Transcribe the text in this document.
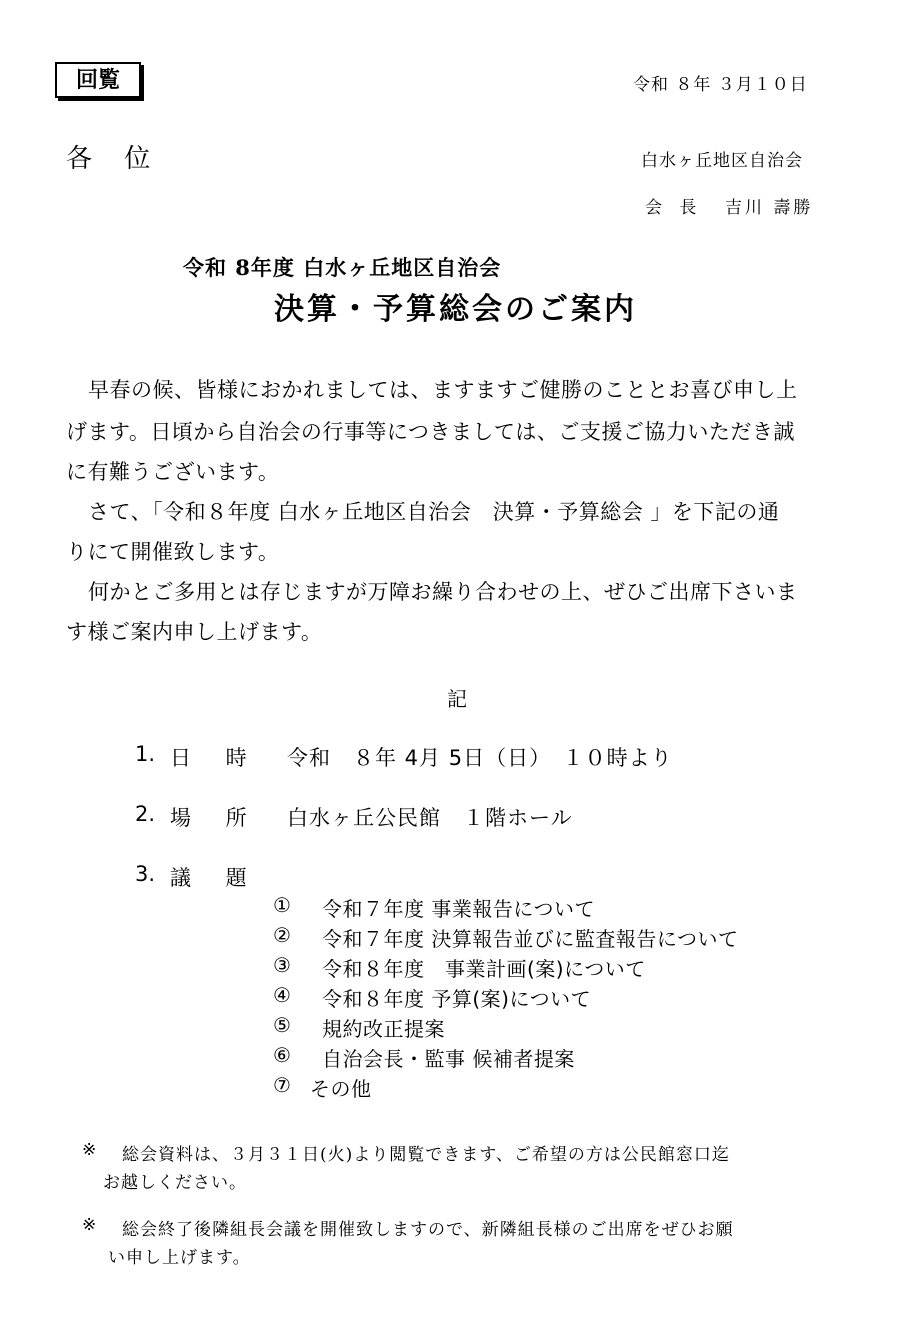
回覧	令和 ８年 ３月１０日
各 位	白水ヶ丘地区自治会
会 長 吉川 壽勝
令和 8年度 白水ヶ丘地区自治会
決算・予算総会のご案内
早春の候、皆様におかれましては、ますますご健勝のこととお喜び申し上
げます。日頃から自治会の行事等につきましては、ご支援ご協力いただき誠
に有難うございます。
さて、「令和８年度 白水ヶ丘地区自治会　決算・予算総会 」を下記の通
りにて開催致します。
何かとご多用とは存じますが万障お繰り合わせの上、ぜひご出席下さいま
す様ご案内申し上げます。
記
1. 日 時 令和　８年 4月 5日（日）　１０時より
2. 場 所 白水ヶ丘公民館　１階ホール
3. 議 題
① 令和７年度 事業報告について
② 令和７年度 決算報告並びに監査報告について
③ 令和８年度　事業計画(案)について
④ 令和８年度 予算(案)について
⑤ 規約改正提案
⑥ 自治会長・監事 候補者提案
⑦ その他
※ 総会資料は、３月３１日(火)より閲覧できます、ご希望の方は公民館窓口迄
お越しください。
※ 総会終了後隣組長会議を開催致しますので、新隣組長様のご出席をぜひお願
い申し上げます。
